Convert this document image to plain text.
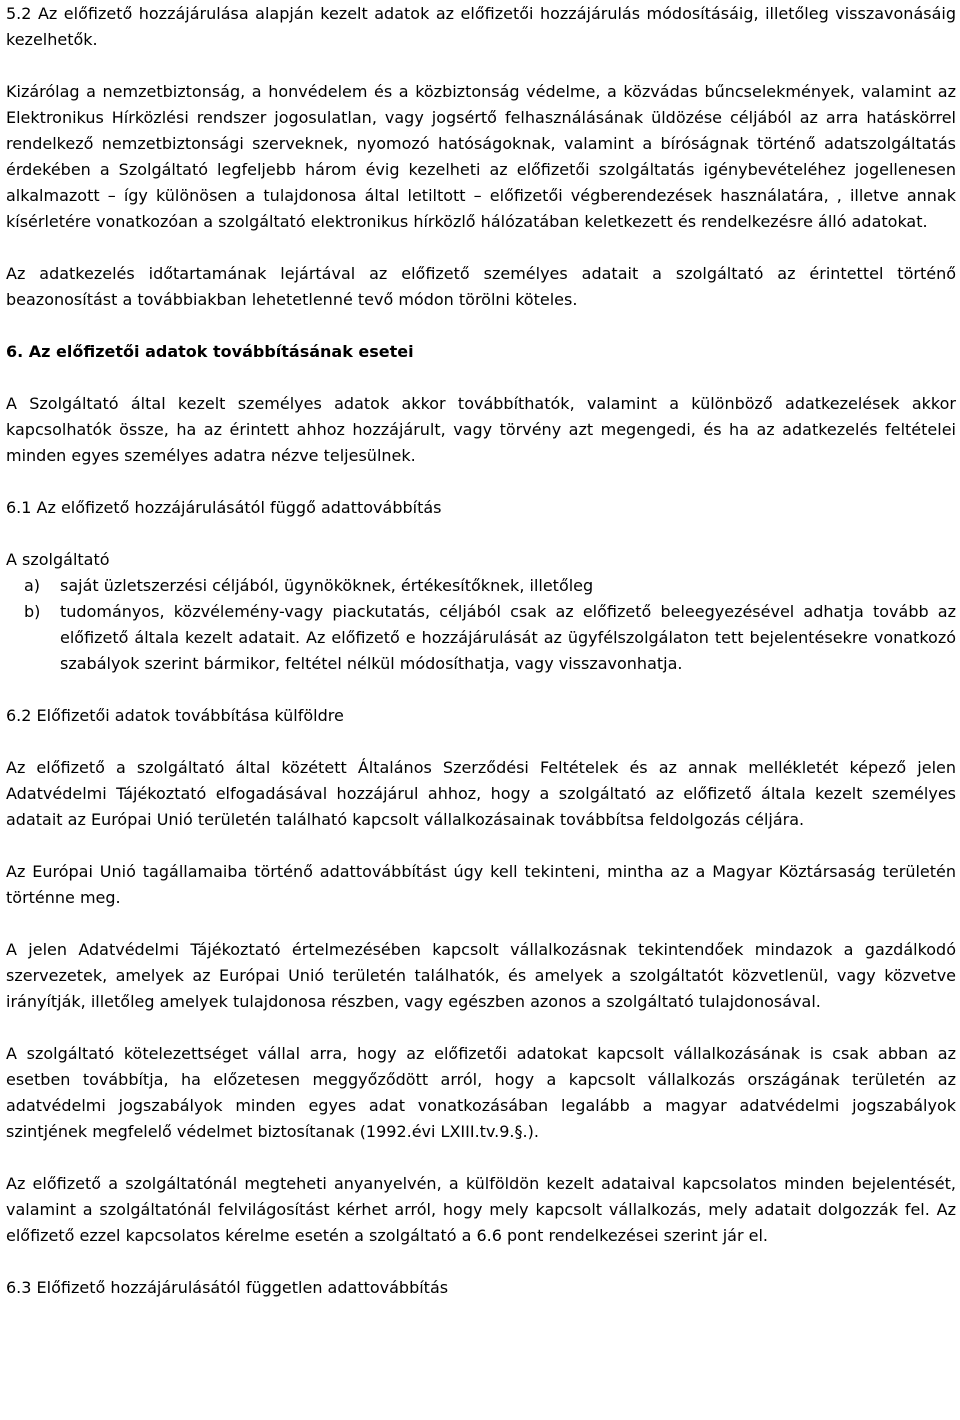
5.2 Az előfizető hozzájárulása alapján kezelt adatok az előfizetői hozzájárulás módosításáig, illetőleg visszavonásáig kezelhetők.

Kizárólag a nemzetbiztonság, a honvédelem és a közbiztonság védelme, a közvádas bűncselekmények, valamint az Elektronikus Hírközlési rendszer jogosulatlan, vagy jogsértő felhasználásának üldözése céljából az arra hatáskörrel rendelkező nemzetbiztonsági szerveknek, nyomozó hatóságoknak, valamint a bíróságnak történő adatszolgáltatás érdekében a Szolgáltató legfeljebb három évig kezelheti az előfizetői szolgáltatás igénybevételéhez jogellenesen alkalmazott – így különösen a tulajdonosa által letiltott – előfizetői végberendezések használatára, , illetve annak kísérletére vonatkozóan a szolgáltató elektronikus hírközlő hálózatában keletkezett és rendelkezésre álló adatokat.

Az adatkezelés időtartamának lejártával az előfizető személyes adatait a szolgáltató az érintettel történő beazonosítást a továbbiakban lehetetlenné tevő módon törölni köteles.

6. Az előfizetői adatok továbbításának esetei

A Szolgáltató által kezelt személyes adatok akkor továbbíthatók, valamint a különböző adatkezelések akkor kapcsolhatók össze, ha az érintett ahhoz hozzájárult, vagy törvény azt megengedi, és ha az adatkezelés feltételei minden egyes személyes adatra nézve teljesülnek.

6.1 Az előfizető hozzájárulásától függő adattovábbítás

A szolgáltató

a) saját üzletszerzési céljából, ügynököknek, értékesítőknek, illetőleg
b) tudományos, közvélemény-vagy piackutatás, céljából csak az előfizető beleegyezésével adhatja tovább az előfizető általa kezelt adatait. Az előfizető e hozzájárulását az ügyfélszolgálaton tett bejelentésekre vonatkozó szabályok szerint bármikor, feltétel nélkül módosíthatja, vagy visszavonhatja.

6.2 Előfizetői adatok továbbítása külföldre

Az előfizető a szolgáltató által közétett Általános Szerződési Feltételek és az annak mellékletét képező jelen Adatvédelmi Tájékoztató elfogadásával hozzájárul ahhoz, hogy a szolgáltató az előfizető általa kezelt személyes adatait az Európai Unió területén található kapcsolt vállalkozásainak továbbítsa feldolgozás céljára.

Az Európai Unió tagállamaiba történő adattovábbítást úgy kell tekinteni, mintha az a Magyar Köztársaság területén történne meg.

A jelen Adatvédelmi Tájékoztató értelmezésében kapcsolt vállalkozásnak tekintendőek mindazok a gazdálkodó szervezetek, amelyek az Európai Unió területén találhatók, és amelyek a szolgáltatót közvetlenül, vagy közvetve irányítják, illetőleg amelyek tulajdonosa részben, vagy egészben azonos a szolgáltató tulajdonosával.

A szolgáltató kötelezettséget vállal arra, hogy az előfizetői adatokat kapcsolt vállalkozásának is csak abban az esetben továbbítja, ha előzetesen meggyőződött arról, hogy a kapcsolt vállalkozás országának területén az adatvédelmi jogszabályok minden egyes adat vonatkozásában legalább a magyar adatvédelmi jogszabályok szintjének megfelelő védelmet biztosítanak (1992.évi LXIII.tv.9.§.).

Az előfizető a szolgáltatónál megteheti anyanyelvén, a külföldön kezelt adataival kapcsolatos minden bejelentését, valamint a szolgáltatónál felvilágosítást kérhet arról, hogy mely kapcsolt vállalkozás, mely adatait dolgozzák fel. Az előfizető ezzel kapcsolatos kérelme esetén a szolgáltató a 6.6 pont rendelkezései szerint jár el.

6.3 Előfizető hozzájárulásától független adattovábbítás
